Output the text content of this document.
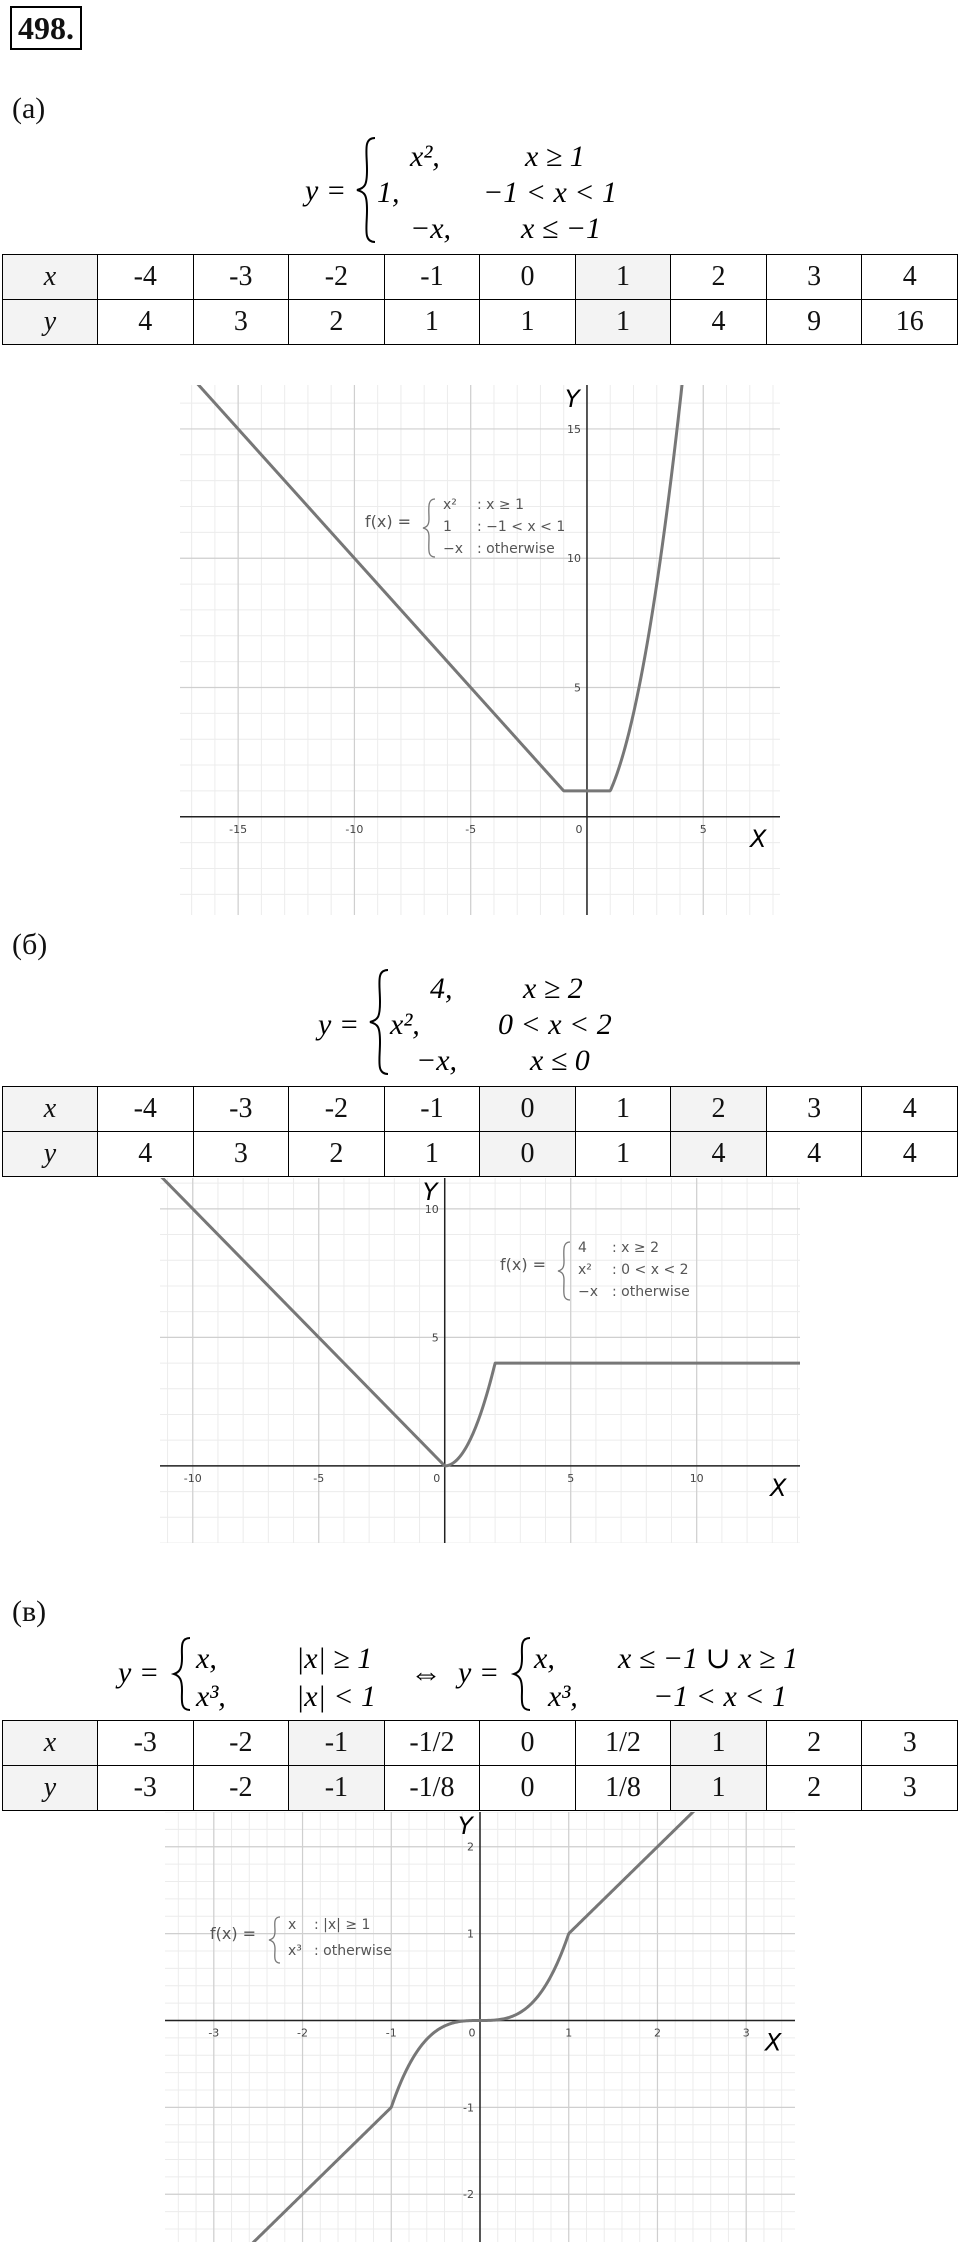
498.
(а)
y =
x²,	x ≥ 1
1,	−1 < x < 1
−x, x ≤ −1
x	-4	-3	-2	-1	0	1	2	3	4
y	4	3	2	1	1	1	4	9	16
-15	-10	-5	0	5
5
10
15
Y
X
f(x) =
x² : x ≥ 1
1 : −1 < x < 1
−x : otherwise
(б)
y =
4, x ≥ 2
x²,	0 < x < 2
−x, x ≤ 0
x	-4	-3	-2	-1	0	1	2	3	4
y	4	3	2	1	0	1	4	4	4
-10	-5	0	5	10
5
10
Y
X
f(x) =
4 : x ≥ 2
x² : 0 < x < 2
−x : otherwise
(в)
y = x,	|x| ≥ 1
x³, |x| < 1
⇔ y = x, x ≤ −1 ∪ x ≥ 1
x³,	−1 < x < 1
x	-3	-2	-1	-1/2	0	1/2	1	2	3
y	-3	-2	-1	-1/8	0	1/8	1	2	3
-3	-2	-1	0	1	2	3
-2
-1
1
2
Y
X
f(x) = x : |x| ≥ 1
x³ : otherwise
